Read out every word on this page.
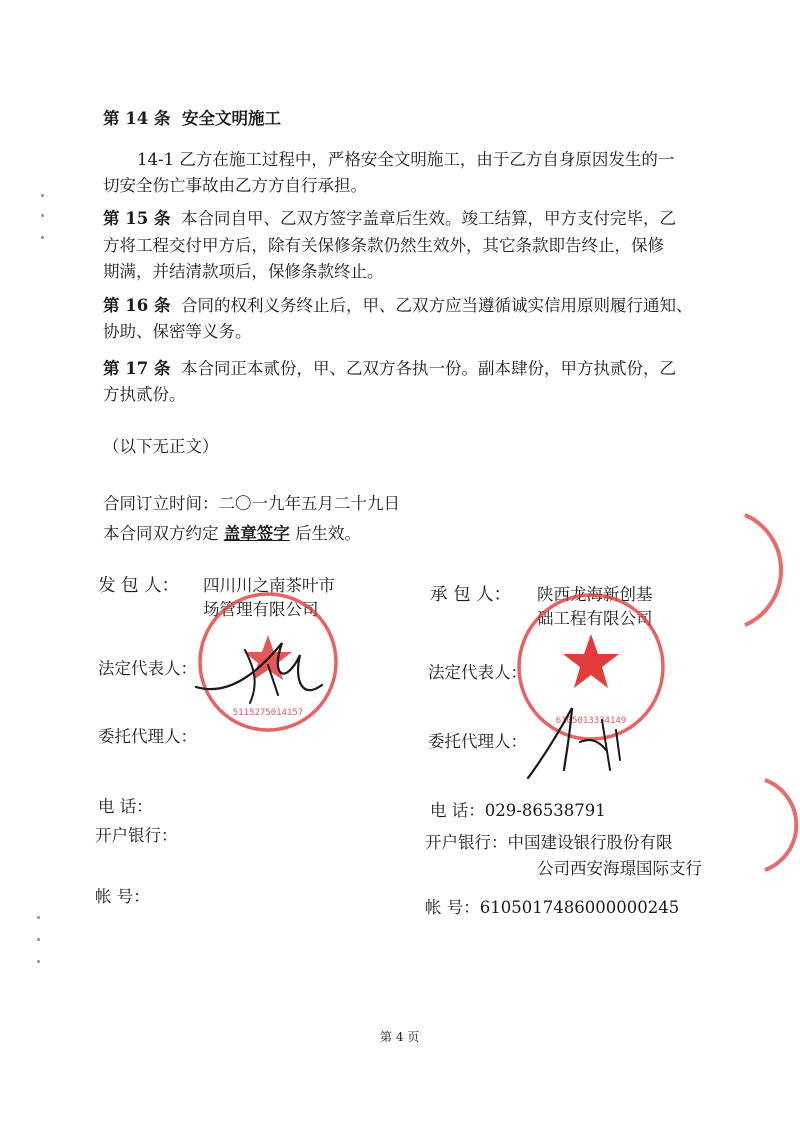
第 14 条 安全文明施工
14-1 乙方在施工过程中，严格安全文明施工，由于乙方自身原因发生的一
切安全伤亡事故由乙方方自行承担。
第 15 条 本合同自甲、乙双方签字盖章后生效。竣工结算，甲方支付完毕，乙
方将工程交付甲方后，除有关保修条款仍然生效外，其它条款即告终止，保修
期满，并结清款项后，保修条款终止。
第 16 条 合同的权利义务终止后，甲、乙双方应当遵循诚实信用原则履行通知、
协助、保密等义务。
第 17 条 本合同正本贰份，甲、乙双方各执一份。副本肆份，甲方执贰份，乙
方执贰份。
（以下无正文）
合同订立时间：二〇一九年五月二十九日
本合同双方约定 盖章签字 后生效。
发 包 人： 四川川之南茶叶市
场管理有限公司
法定代表人：
委托代理人：
电 话：
开户银行：
帐 号：
承 包 人： 陕西龙海新创基
础工程有限公司
法定代表人：
委托代理人：
电 话：029-86538791
开户银行：中国建设银行股份有限
公司西安海璟国际支行
帐 号：6105017486000000245
5115275014157
6105013334149
第 4 页
